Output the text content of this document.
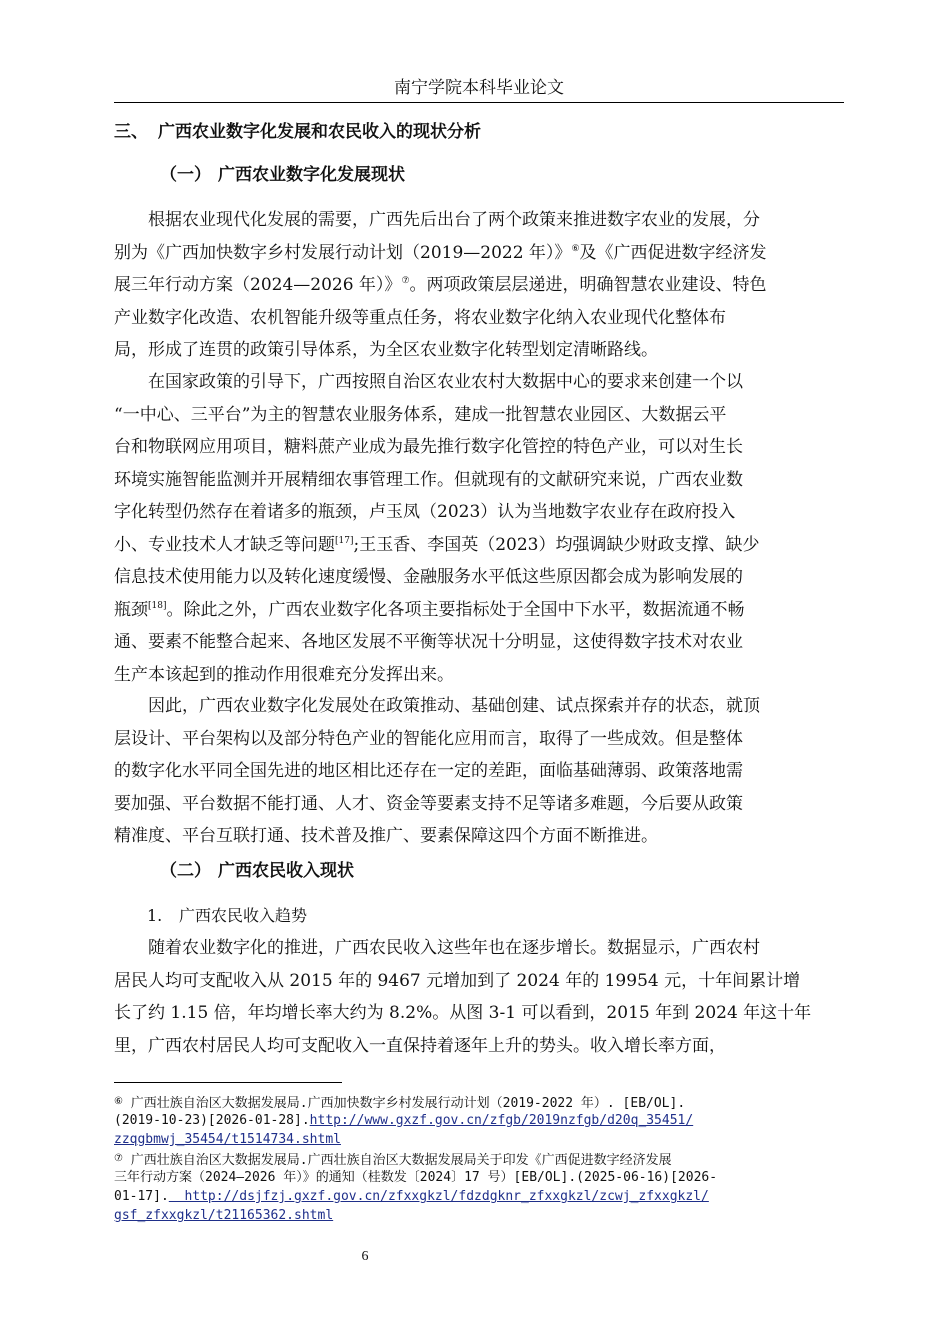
南宁学院本科毕业论文
三、 广西农业数字化发展和农民收入的现状分析
（一） 广西农业数字化发展现状
根据农业现代化发展的需要，广西先后出台了两个政策来推进数字农业的发展，分
别为《广西加快数字乡村发展行动计划（2019—2022 年）》⑥及《广西促进数字经济发
展三年行动方案（2024—2026 年）》⑦。两项政策层层递进，明确智慧农业建设、特色
产业数字化改造、农机智能升级等重点任务，将农业数字化纳入农业现代化整体布
局，形成了连贯的政策引导体系，为全区农业数字化转型划定清晰路线。
在国家政策的引导下，广西按照自治区农业农村大数据中心的要求来创建一个以
“一中心、三平台”为主的智慧农业服务体系，建成一批智慧农业园区、大数据云平
台和物联网应用项目，糖料蔗产业成为最先推行数字化管控的特色产业，可以对生长
环境实施智能监测并开展精细农事管理工作。但就现有的文献研究来说，广西农业数
字化转型仍然存在着诸多的瓶颈，卢玉凤（2023）认为当地数字农业存在政府投入
小、专业技术人才缺乏等问题[17];王玉香、李国英（2023）均强调缺少财政支撑、缺少
信息技术使用能力以及转化速度缓慢、金融服务水平低这些原因都会成为影响发展的
瓶颈[18]。除此之外，广西农业数字化各项主要指标处于全国中下水平，数据流通不畅
通、要素不能整合起来、各地区发展不平衡等状况十分明显，这使得数字技术对农业
生产本该起到的推动作用很难充分发挥出来。
因此，广西农业数字化发展处在政策推动、基础创建、试点探索并存的状态，就顶
层设计、平台架构以及部分特色产业的智能化应用而言，取得了一些成效。但是整体
的数字化水平同全国先进的地区相比还存在一定的差距，面临基础薄弱、政策落地需
要加强、平台数据不能打通、人才、资金等要素支持不足等诸多难题，今后要从政策
精准度、平台互联打通、技术普及推广、要素保障这四个方面不断推进。
（二） 广西农民收入现状
1. 广西农民收入趋势
随着农业数字化的推进，广西农民收入这些年也在逐步增长。数据显示，广西农村
居民人均可支配收入从 2015 年的 9467 元增加到了 2024 年的 19954 元，十年间累计增
长了约 1.15 倍，年均增长率大约为 8.2%。从图 3-1 可以看到，2015 年到 2024 年这十年
里，广西农村居民人均可支配收入一直保持着逐年上升的势头。收入增长率方面，
⑥ 广西壮族自治区大数据发展局.广西加快数字乡村发展行动计划（2019-2022 年）. [EB/OL].
(2019-10-23)[2026-01-28].http://www.gxzf.gov.cn/zfgb/2019nzfgb/d20q_35451/
zzqgbmwj_35454/t1514734.shtml
⑦ 广西壮族自治区大数据发展局.广西壮族自治区大数据发展局关于印发《广西促进数字经济发展
三年行动方案（2024—2026 年）》的通知（桂数发〔2024〕17 号）[EB/OL].(2025-06-16)[2026-
01-17].  http://dsjfzj.gxzf.gov.cn/zfxxgkzl/fdzdgknr_zfxxgkzl/zcwj_zfxxgkzl/
gsf_zfxxgkzl/t21165362.shtml
6
